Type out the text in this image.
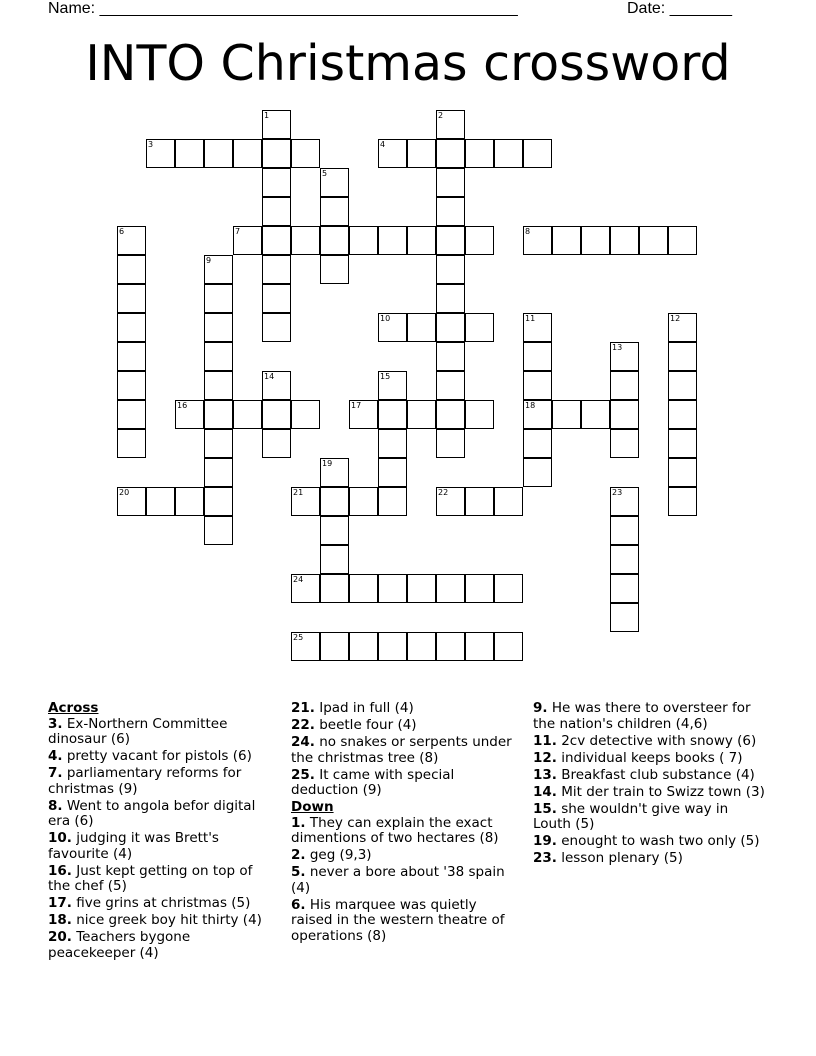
Name: _______________________________________________	Date: _______
INTO Christmas crossword
1	2
3	4
5
6	7	8
9
10	11	12
13
14	15
16	17	18
19
20	21	22	23
24
25
Across
3. Ex-Northern Committee dinosaur (6)
4. pretty vacant for pistols (6)
7. parliamentary reforms for christmas (9)
8. Went to angola befor digital era (6)
10. judging it was Brett's favourite (4)
16. Just kept getting on top of the chef (5)
17. five grins at christmas (5)
18. nice greek boy hit thirty (4)
20. Teachers bygone peacekeeper (4)
21. Ipad in full (4)
22. beetle four (4)
24. no snakes or serpents under the christmas tree (8)
25. It came with special deduction (9)
Down
1. They can explain the exact dimentions of two hectares (8)
2. geg (9,3)
5. never a bore about '38 spain (4)
6. His marquee was quietly raised in the western theatre of operations (8)
9. He was there to oversteer for the nation's children (4,6)
11. 2cv detective with snowy (6)
12. individual keeps books ( 7)
13. Breakfast club substance (4)
14. Mit der train to Swizz town (3)
15. she wouldn't give way in Louth (5)
19. enought to wash two only (5)
23. lesson plenary (5)
